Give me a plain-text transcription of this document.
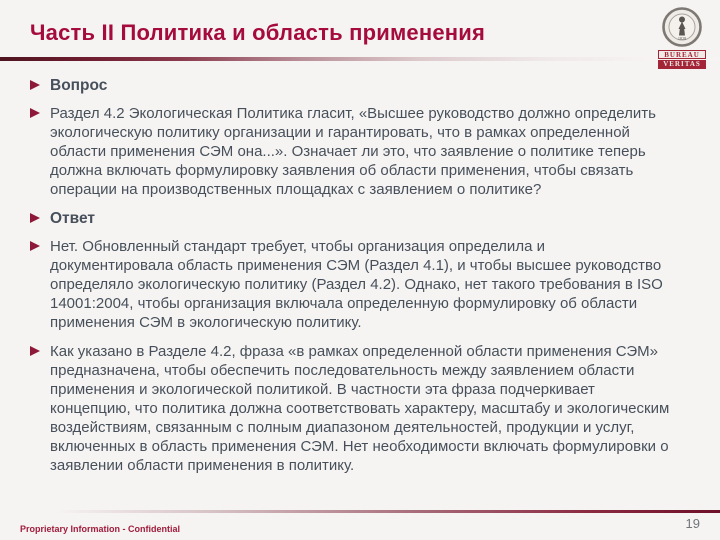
Часть II Политика и область применения
Вопрос
Раздел 4.2 Экологическая Политика гласит, «Высшее руководство должно определить экологическую политику организации и гарантировать, что в рамках определенной области применения СЭМ она...». Означает ли это, что заявление о политике теперь должна включать формулировку заявления об области применения, чтобы связать операции на производственных площадках с заявлением о политике?
Ответ
Нет. Обновленный стандарт требует, чтобы организация определила и документировала область применения СЭМ (Раздел 4.1), и чтобы высшее руководство определяло экологическую политику (Раздел 4.2). Однако, нет такого требования в ISO 14001:2004, чтобы организация включала определенную формулировку об области применения СЭМ в экологическую политику.
Как указано в Разделе 4.2, фраза «в рамках определенной области применения СЭМ» предназначена, чтобы обеспечить последовательность между заявлением области применения и экологической политикой. В частности эта фраза подчеркивает концепцию, что политика должна соответствовать характеру, масштабу и экологическим воздействиям, связанным с полным диапазоном деятельностей, продукции и услуг, включенных в область применения СЭМ. Нет необходимости включать формулировки о заявлении области применения в политику.
1828
BUREAU
VERITAS
Proprietary Information - Confidential	19
